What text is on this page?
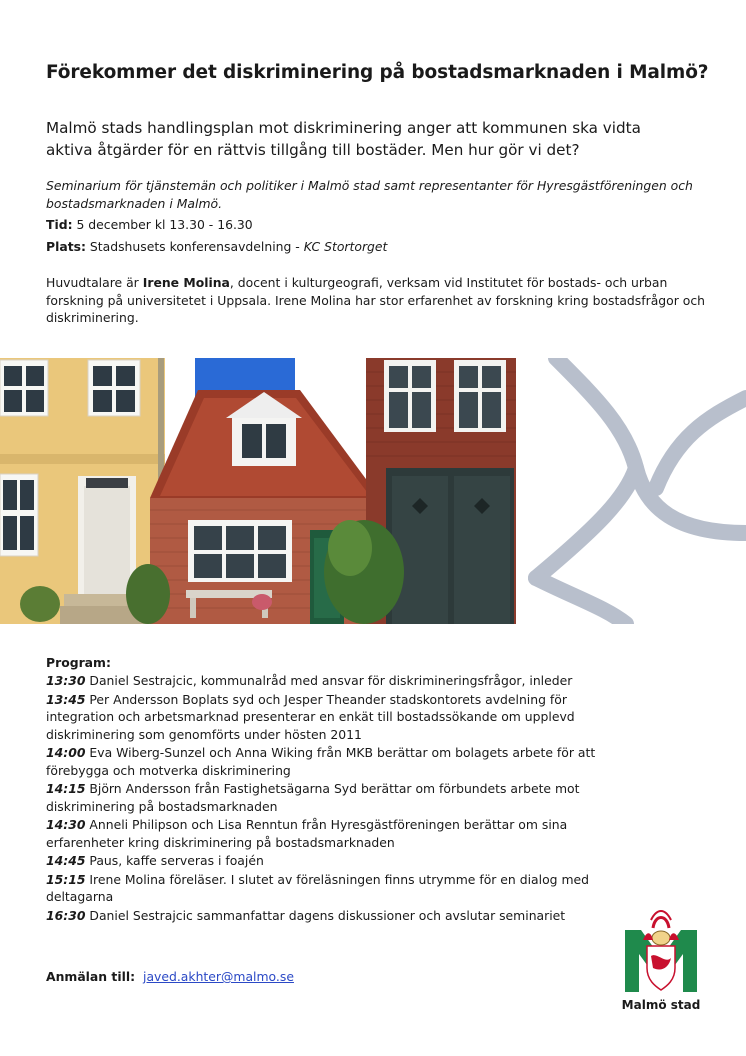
Förekommer det diskriminering på bostadsmarknaden i Malmö?
Malmö stads handlingsplan mot diskriminering anger att kommunen ska vidta aktiva åtgärder för en rättvis tillgång till bostäder. Men hur gör vi det?

Seminarium för tjänstemän och politiker i Malmö stad samt representanter för Hyresgästföreningen och bostadsmarknaden i Malmö.

Tid: 5 december kl 13.30 - 16.30

Plats: Stadshusets konferensavdelning - KC Stortorget

Huvudtalare är Irene Molina, docent i kulturgeografi, verksam vid Institutet för bostads- och urban forskning på universitetet i Uppsala. Irene Molina har stor erfarenhet av forskning kring bostadsfrågor och diskriminering.

Program:
13:30 Daniel Sestrajcic, kommunalråd med ansvar för diskrimineringsfrågor, inleder
13:45 Per Andersson Boplats syd och Jesper Theander stadskontorets avdelning för integration och arbetsmarknad presenterar en enkät till bostadssökande om upplevd diskriminering som genomförts under hösten 2011
14:00 Eva Wiberg-Sunzel och Anna Wiking från MKB berättar om bolagets arbete för att förebygga och motverka diskriminering
14:15 Björn Andersson från Fastighetsägarna Syd berättar om förbundets arbete mot diskriminering på bostadsmarknaden
14:30 Anneli Philipson och Lisa Renntun från Hyresgästföreningen berättar om sina erfarenheter kring diskriminering på bostadsmarknaden
14:45 Paus, kaffe serveras i foajén
15:15 Irene Molina föreläser. I slutet av föreläsningen finns utrymme för en dialog med deltagarna
16:30 Daniel Sestrajcic sammanfattar dagens diskussioner och avslutar seminariet
Anmälan till: javed.akhter@malmo.se
Malmö stad
